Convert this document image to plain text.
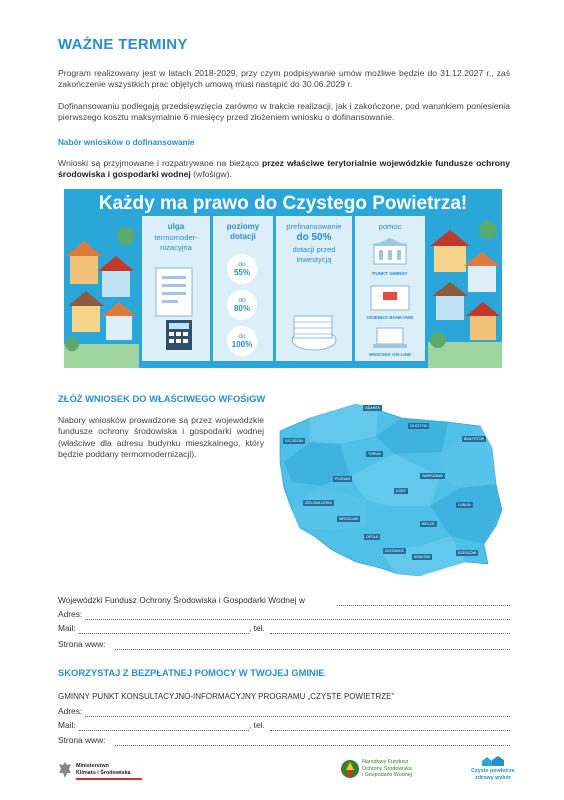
WAŻNE TERMINY

Program realizowany jest w latach 2018-2029, przy czym podpisywanie umów możliwe będzie do 31.12.2027 r., zaś zakończenie wszystkich prac objętych umową musi nastąpić do 30.06.2029 r.

Dofinansowaniu podlegają przedsięwzięcia zarówno w trakcie realizacji, jak i zakończone, pod warunkiem poniesienia pierwszego kosztu maksymalnie 6 miesięcy przed złożeniem wniosku o dofinansowanie.

Nabór wniosków o dofinansowanie

Wnioski są przyjmowane i rozpatrywane na bieżąco przez właściwe terytorialnie wojewódzkie fundusze ochrony środowiska i gospodarki wodnej (wfośigw).

Każdy ma prawo do Czystego Powietrza!
ulga
termomoder-nizacyjna
poziomy dotacji
do
55%
do
80%
do
100%
prefinansowanie
do 50%
dotacji przed inwestycją
pomoc
PUNKT GMINNY
OKIENKO BANKOWE
WNIOSEK ON-LINE
ZŁÓŻ WNIOSEK DO WŁAŚCIWEGO WFOŚiGW

Nabory wniosków prowadzone są przez wojewódzkie fundusze ochrony środowiska i gospodarki wodnej (właściwe dla adresu budynku mieszkalnego, który będzie poddany termomodernizacji).

GDAŃSK
SZCZECIN
OLSZTYN
BIAŁYSTOK
TORUŃ
POZNAŃ
WARSZAWA
ZIELONA GÓRA
ŁÓDŹ
LUBLIN
WROCŁAW
KIELCE
OPOLE
KATOWICE
KRAKÓW
RZESZÓW
Wojewódzki Fundusz Ochrony Środowiska i Gospodarki Wodnej w
Adres:
Mail:	, tel.
Strona www:
SKORZYSTAJ Z BEZPŁATNEJ POMOCY W TWOJEJ GMINIE
GMINNY PUNKT KONSULTACYJNO-INFORMACYJNY PROGRAMU „CZYSTE POWIETRZE”
Adres:
Mail:	, tel.
Strona www:
Ministerstwo
Klimatu i Środowiska
Narodowy Fundusz
Ochrony Środowiska
i Gospodarki Wodnej
Czyste powietrze
zdrowy wybór
